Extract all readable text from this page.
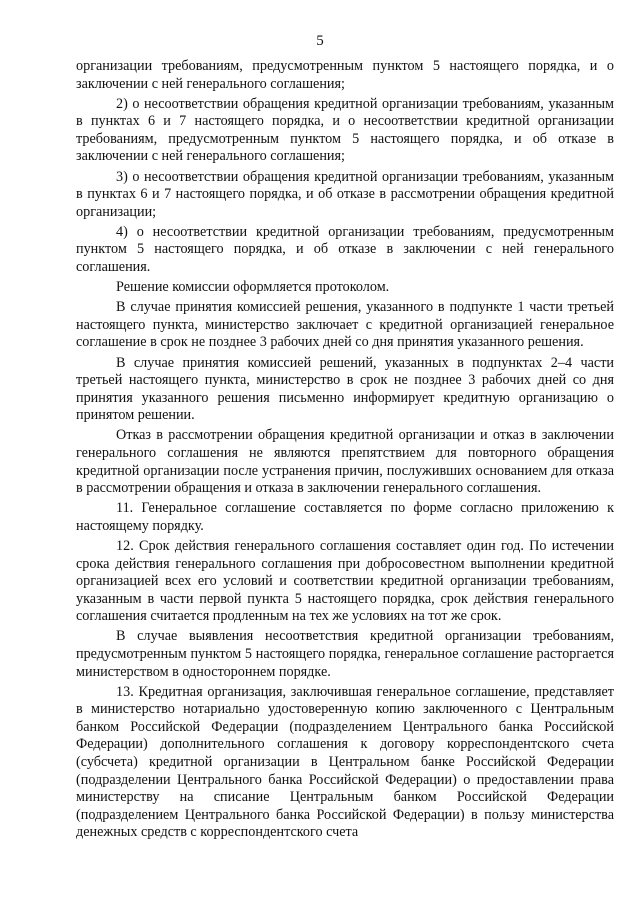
5

организации требованиям, предусмотренным пунктом 5 настоящего порядка, и о заключении с ней генерального соглашения;

2) о несоответствии обращения кредитной организации требованиям, указанным в пунктах 6 и 7 настоящего порядка, и о несоответствии кредитной организации требованиям, предусмотренным пунктом 5 настоящего порядка, и об отказе в заключении с ней генерального соглашения;

3) о несоответствии обращения кредитной организации требованиям, указанным в пунктах 6 и 7 настоящего порядка, и об отказе в рассмотрении обращения кредитной организации;

4) о несоответствии кредитной организации требованиям, предусмотренным пунктом 5 настоящего порядка, и об отказе в заключении с ней генерального соглашения.

Решение комиссии оформляется протоколом.

В случае принятия комиссией решения, указанного в подпункте 1 части третьей настоящего пункта, министерство заключает с кредитной организацией генеральное соглашение в срок не позднее 3 рабочих дней со дня принятия указанного решения.

В случае принятия комиссией решений, указанных в подпунктах 2–4 части третьей настоящего пункта, министерство в срок не позднее 3 рабочих дней со дня принятия указанного решения письменно информирует кредитную организацию о принятом решении.

Отказ в рассмотрении обращения кредитной организации и отказ в заключении генерального соглашения не являются препятствием для повторного обращения кредитной организации после устранения причин, послуживших основанием для отказа в рассмотрении обращения и отказа в заключении генерального соглашения.

11. Генеральное соглашение составляется по форме согласно приложению к настоящему порядку.

12. Срок действия генерального соглашения составляет один год. По истечении срока действия генерального соглашения при добросовестном выполнении кредитной организацией всех его условий и соответствии кредитной организации требованиям, указанным в части первой пункта 5 настоящего порядка, срок действия генерального соглашения считается продленным на тех же условиях на тот же срок.

В случае выявления несоответствия кредитной организации требованиям, предусмотренным пунктом 5 настоящего порядка, генеральное соглашение расторгается министерством в одностороннем порядке.

13. Кредитная организация, заключившая генеральное соглашение, представляет в министерство нотариально удостоверенную копию заключенного с Центральным банком Российской Федерации (подразделением Центрального банка Российской Федерации) дополнительного соглашения к договору корреспондентского счета (субсчета) кредитной организации в Центральном банке Российской Федерации (подразделении Центрального банка Российской Федерации) о предоставлении права министерству на списание Центральным банком Российской Федерации (подразделением Центрального банка Российской Федерации) в пользу министерства денежных средств с корреспондентского счета
